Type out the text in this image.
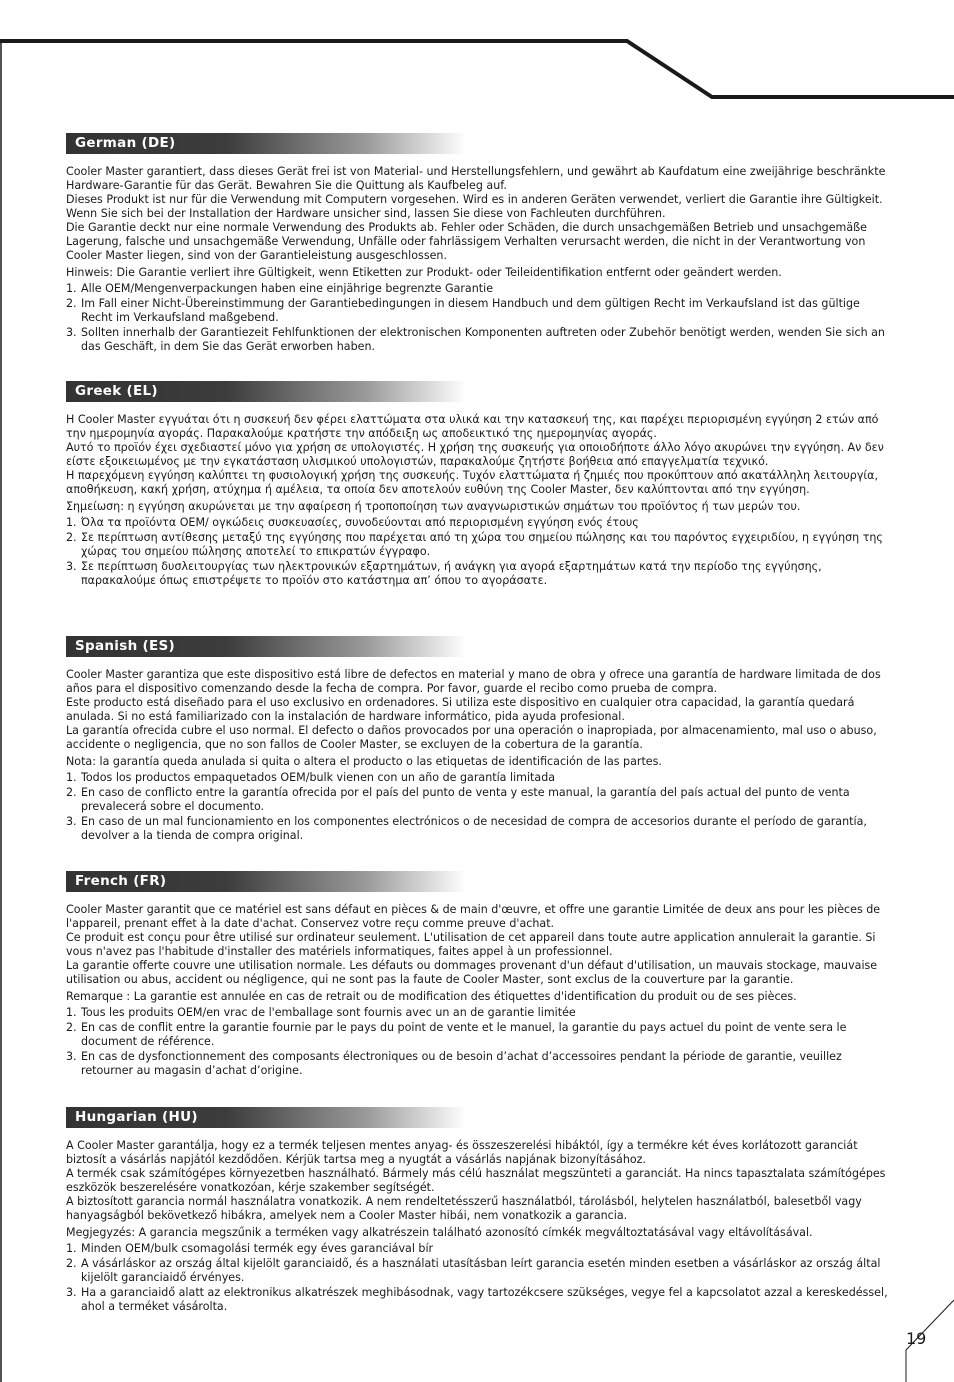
German (DE)

Cooler Master garantiert, dass dieses Gerät frei ist von Material- und Herstellungsfehlern, und gewährt ab Kaufdatum eine zweijährige beschränkte Hardware-Garantie für das Gerät. Bewahren Sie die Quittung als Kaufbeleg auf.

Dieses Produkt ist nur für die Verwendung mit Computern vorgesehen. Wird es in anderen Geräten verwendet, verliert die Garantie ihre Gültigkeit. Wenn Sie sich bei der Installation der Hardware unsicher sind, lassen Sie diese von Fachleuten durchführen.

Die Garantie deckt nur eine normale Verwendung des Produkts ab. Fehler oder Schäden, die durch unsachgemäßen Betrieb und unsachgemäße Lagerung, falsche und unsachgemäße Verwendung, Unfälle oder fahrlässigem Verhalten verursacht werden, die nicht in der Verantwortung von Cooler Master liegen, sind von der Garantieleistung ausgeschlossen.

Hinweis: Die Garantie verliert ihre Gültigkeit, wenn Etiketten zur Produkt- oder Teileidentifikation entfernt oder geändert werden.

1. Alle OEM/Mengenverpackungen haben eine einjährige begrenzte Garantie
2. Im Fall einer Nicht-Übereinstimmung der Garantiebedingungen in diesem Handbuch und dem gültigen Recht im Verkaufsland ist das gültige Recht im Verkaufsland maßgebend.
3. Sollten innerhalb der Garantiezeit Fehlfunktionen der elektronischen Komponenten auftreten oder Zubehör benötigt werden, wenden Sie sich an das Geschäft, in dem Sie das Gerät erworben haben.
Greek (EL)

Η Cooler Master εγγυάται ότι η συσκευή δεν φέρει ελαττώματα στα υλικά και την κατασκευή της, και παρέχει περιορισμένη εγγύηση 2 ετών από την ημερομηνία αγοράς. Παρακαλούμε κρατήστε την απόδειξη ως αποδεικτικό της ημερομηνίας αγοράς.

Αυτό το προϊόν έχει σχεδιαστεί μόνο για χρήση σε υπολογιστές. Η χρήση της συσκευής για οποιοδήποτε άλλο λόγο ακυρώνει την εγγύηση. Αν δεν είστε εξοικειωμένος με την εγκατάσταση υλισμικού υπολογιστών, παρακαλούμε ζητήστε βοήθεια από επαγγελματία τεχνικό.

Η παρεχόμενη εγγύηση καλύπτει τη φυσιολογική χρήση της συσκευής. Τυχόν ελαττώματα ή ζημιές που προκύπτουν από ακατάλληλη λειτουργία, αποθήκευση, κακή χρήση, ατύχημα ή αμέλεια, τα οποία δεν αποτελούν ευθύνη της Cooler Master, δεν καλύπτονται από την εγγύηση.

Σημείωση: η εγγύηση ακυρώνεται με την αφαίρεση ή τροποποίηση των αναγνωριστικών σημάτων του προϊόντος ή των μερών του.

1. Όλα τα προϊόντα OEM/ ογκώδεις συσκευασίες, συνοδεύονται από περιορισμένη εγγύηση ενός έτους
2. Σε περίπτωση αντίθεσης μεταξύ της εγγύησης που παρέχεται από τη χώρα του σημείου πώλησης και του παρόντος εγχειριδίου, η εγγύηση της χώρας του σημείου πώλησης αποτελεί το επικρατών έγγραφο.
3. Σε περίπτωση δυσλειτουργίας των ηλεκτρονικών εξαρτημάτων, ή ανάγκη για αγορά εξαρτημάτων κατά την περίοδο της εγγύησης, παρακαλούμε όπως επιστρέψετε το προϊόν στο κατάστημα απ’ όπου το αγοράσατε.
Spanish (ES)

Cooler Master garantiza que este dispositivo está libre de defectos en material y mano de obra y ofrece una garantía de hardware limitada de dos años para el dispositivo comenzando desde la fecha de compra. Por favor, guarde el recibo como prueba de compra.

Este producto está diseñado para el uso exclusivo en ordenadores. Si utiliza este dispositivo en cualquier otra capacidad, la garantía quedará anulada. Si no está familiarizado con la instalación de hardware informático, pida ayuda profesional.

La garantía ofrecida cubre el uso normal. El defecto o daños provocados por una operación o inapropiada, por almacenamiento, mal uso o abuso, accidente o negligencia, que no son fallos de Cooler Master, se excluyen de la cobertura de la garantía.

Nota: la garantía queda anulada si quita o altera el producto o las etiquetas de identificación de las partes.

1. Todos los productos empaquetados OEM/bulk vienen con un año de garantía limitada
2. En caso de conflicto entre la garantía ofrecida por el país del punto de venta y este manual, la garantía del país actual del punto de venta prevalecerá sobre el documento.
3. En caso de un mal funcionamiento en los componentes electrónicos o de necesidad de compra de accesorios durante el período de garantía, devolver a la tienda de compra original.
French (FR)

Cooler Master garantit que ce matériel est sans défaut en pièces & de main d'œuvre, et offre une garantie Limitée de deux ans pour les pièces de l'appareil, prenant effet à la date d'achat. Conservez votre reçu comme preuve d'achat.

Ce produit est conçu pour être utilisé sur ordinateur seulement. L'utilisation de cet appareil dans toute autre application annulerait la garantie. Si vous n'avez pas l'habitude d'installer des matériels informatiques, faites appel à un professionnel.

La garantie offerte couvre une utilisation normale. Les défauts ou dommages provenant d'un défaut d'utilisation, un mauvais stockage, mauvaise utilisation ou abus, accident ou négligence, qui ne sont pas la faute de Cooler Master, sont exclus de la couverture par la garantie.

Remarque : La garantie est annulée en cas de retrait ou de modification des étiquettes d'identification du produit ou de ses pièces.

1. Tous les produits OEM/en vrac de l'emballage sont fournis avec un an de garantie limitée
2. En cas de conflit entre la garantie fournie par le pays du point de vente et le manuel, la garantie du pays actuel du point de vente sera le document de référence.
3. En cas de dysfonctionnement des composants électroniques ou de besoin d’achat d’accessoires pendant la période de garantie, veuillez retourner au magasin d’achat d’origine.
Hungarian (HU)

A Cooler Master garantálja, hogy ez a termék teljesen mentes anyag- és összeszerelési hibáktól, így a termékre két éves korlátozott garanciát biztosít a vásárlás napjától kezdődően. Kérjük tartsa meg a nyugtát a vásárlás napjának bizonyításához.

A termék csak számítógépes környezetben használható. Bármely más célú használat megszünteti a garanciát. Ha nincs tapasztalata számítógépes eszközök beszerelésére vonatkozóan, kérje szakember segítségét.

A biztosított garancia normál használatra vonatkozik. A nem rendeltetésszerű használatból, tárolásból, helytelen használatból, balesetből vagy hanyagságból bekövetkező hibákra, amelyek nem a Cooler Master hibái, nem vonatkozik a garancia.

Megjegyzés: A garancia megszűnik a terméken vagy alkatrészein található azonosító címkék megváltoztatásával vagy eltávolításával.

1. Minden OEM/bulk csomagolási termék egy éves garanciával bír
2. A vásárláskor az ország által kijelölt garanciaidő, és a használati utasításban leírt garancia esetén minden esetben a vásárláskor az ország által kijelölt garanciaidő érvényes.
3. Ha a garanciaidő alatt az elektronikus alkatrészek meghibásodnak, vagy tartozékcsere szükséges, vegye fel a kapcsolatot azzal a kereskedéssel, ahol a terméket vásárolta.
19
